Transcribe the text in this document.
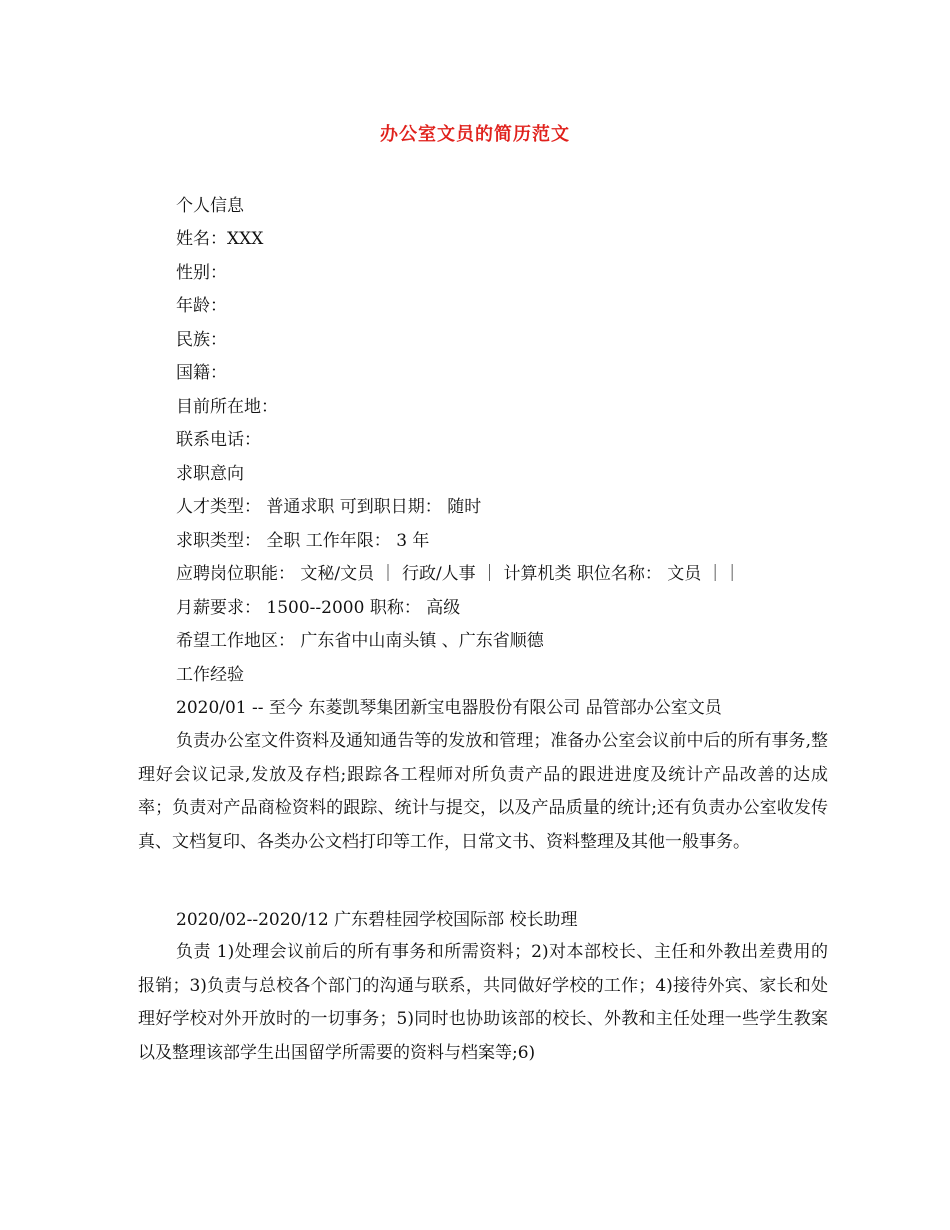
办公室文员的简历范文
个人信息
姓名：XXX
性别：
年龄：
民族：
国籍：
目前所在地：
联系电话：
求职意向
人才类型： 普通求职 可到职日期： 随时
求职类型： 全职 工作年限： 3 年
应聘岗位职能： 文秘/文员 ｜ 行政/人事 ｜ 计算机类 职位名称： 文员 ｜｜
月薪要求： 1500--2000 职称： 高级
希望工作地区： 广东省中山南头镇 、广东省顺德
工作经验
2020/01 -- 至今 东菱凯琴集团新宝电器股份有限公司 品管部办公室文员
负责办公室文件资料及通知通告等的发放和管理；准备办公室会议前中后的所有事务,整理好会议记录,发放及存档;跟踪各工程师对所负责产品的跟进进度及统计产品改善的达成率；负责对产品商检资料的跟踪、统计与提交，以及产品质量的统计;还有负责办公室收发传真、文档复印、各类办公文档打印等工作，日常文书、资料整理及其他一般事务。
2020/02--2020/12 广东碧桂园学校国际部 校长助理
负责 1)处理会议前后的所有事务和所需资料；2)对本部校长、主任和外教出差费用的报销；3)负责与总校各个部门的沟通与联系，共同做好学校的工作；4)接待外宾、家长和处理好学校对外开放时的一切事务；5)同时也协助该部的校长、外教和主任处理一些学生教案以及整理该部学生出国留学所需要的资料与档案等;6)
